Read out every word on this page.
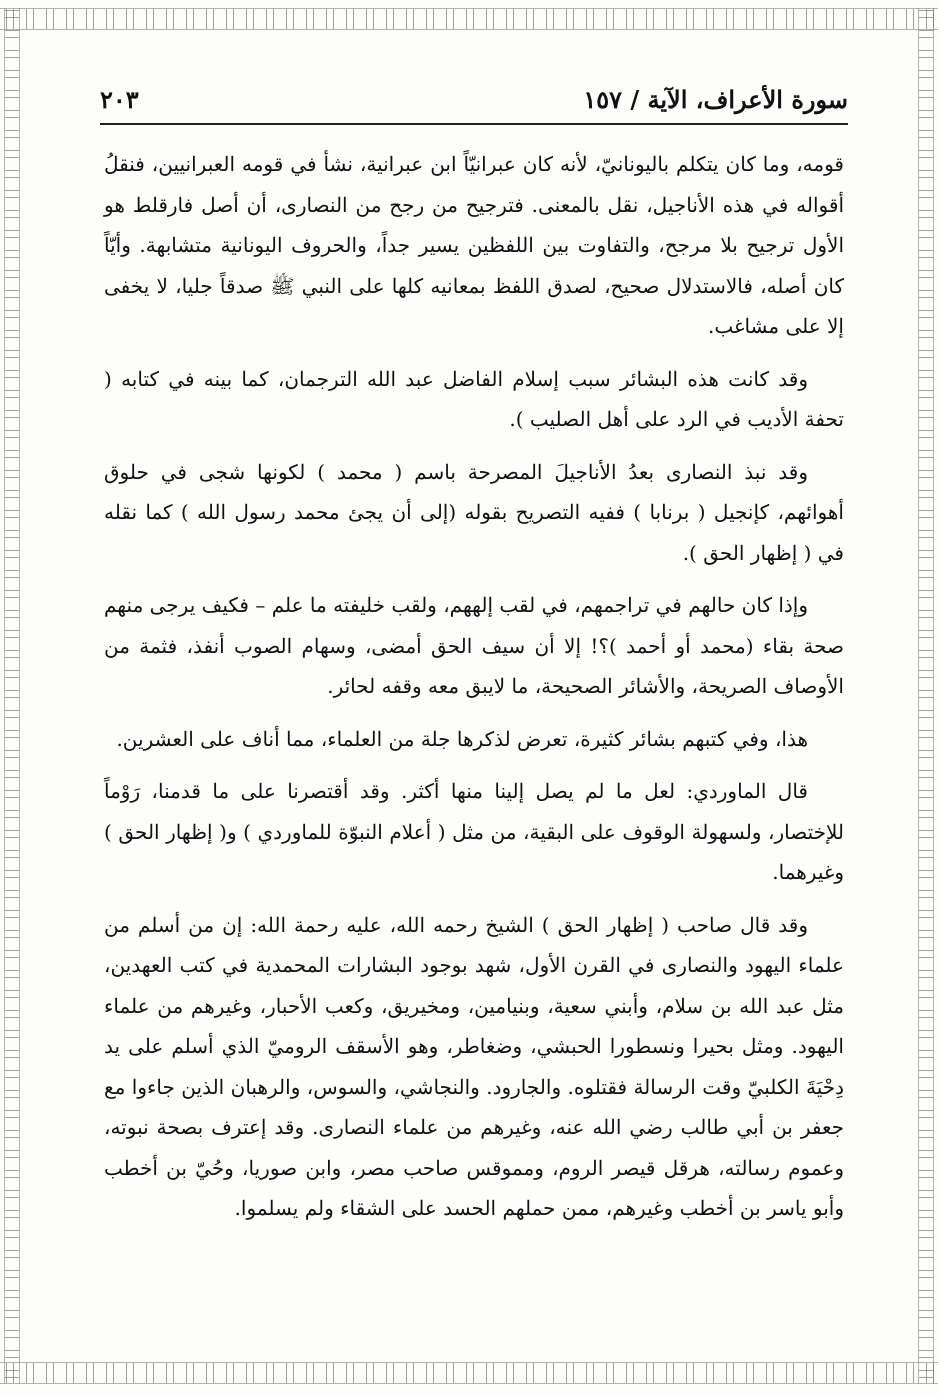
سورة الأعراف، الآية / ١٥٧
٢٠٣

قومه، وما كان يتكلم باليونانيّ، لأنه كان عبرانيّاً ابن عبرانية، نشأ في قومه العبرانيين، فنقلُ أقواله في هذه الأناجيل، نقل بالمعنى. فترجيح من رجح من النصارى، أن أصل فارقلط هو الأول ترجيح بلا مرجح، والتفاوت بين اللفظين يسير جداً، والحروف اليونانية متشابهة. وأيّاً كان أصله، فالاستدلال صحيح، لصدق اللفظ بمعانيه كلها على النبي ﷺ صدقاً جليا، لا يخفى إلا على مشاغب.

وقد كانت هذه البشائر سبب إسلام الفاضل عبد الله الترجمان، كما بينه في كتابه ( تحفة الأديب في الرد على أهل الصليب ).

وقد نبذ النصارى بعدُ الأناجيلَ المصرحة باسم ( محمد ) لكونها شجى في حلوق أهوائهم، كإنجيل ( برنابا ) ففيه التصريح بقوله (إلى أن يجئ محمد رسول الله ) كما نقله في ( إظهار الحق ).

وإذا كان حالهم في تراجمهم، في لقب إلههم، ولقب خليفته ما علم – فكيف يرجى منهم صحة بقاء (محمد أو أحمد )؟! إلا أن سيف الحق أمضى، وسهام الصوب أنفذ، فثمة من الأوصاف الصريحة، والأشائر الصحيحة، ما لايبق معه وقفه لحائر.

هذا، وفي كتبهم بشائر كثيرة، تعرض لذكرها جلة من العلماء، مما أناف على العشرين.

قال الماوردي: لعل ما لم يصل إلينا منها أكثر. وقد أقتصرنا على ما قدمنا، رَوْماً للإختصار، ولسهولة الوقوف على البقية، من مثل ( أعلام النبوّة للماوردي ) و( إظهار الحق ) وغيرهما.

وقد قال صاحب ( إظهار الحق ) الشيخ رحمه الله، عليه رحمة الله: إن من أسلم من علماء اليهود والنصارى في القرن الأول، شهد بوجود البشارات المحمدية في كتب العهدين، مثل عبد الله بن سلام، وأبني سعية، وبنيامين، ومخيريق، وكعب الأحبار، وغيرهم من علماء اليهود. ومثل بحيرا ونسطورا الحبشي، وضغاطر، وهو الأسقف الروميّ الذي أسلم على يد دِحْيَةَ الكلبيّ وقت الرسالة فقتلوه. والجارود. والنجاشي، والسوس، والرهبان الذين جاءوا مع جعفر بن أبي طالب رضي الله عنه، وغيرهم من علماء النصارى. وقد إعترف بصحة نبوته، وعموم رسالته، هرقل قيصر الروم، ومموقس صاحب مصر، وابن صوريا، وحُيّ بن أخطب وأبو ياسر بن أخطب وغيرهم، ممن حملهم الحسد على الشقاء ولم يسلموا.
